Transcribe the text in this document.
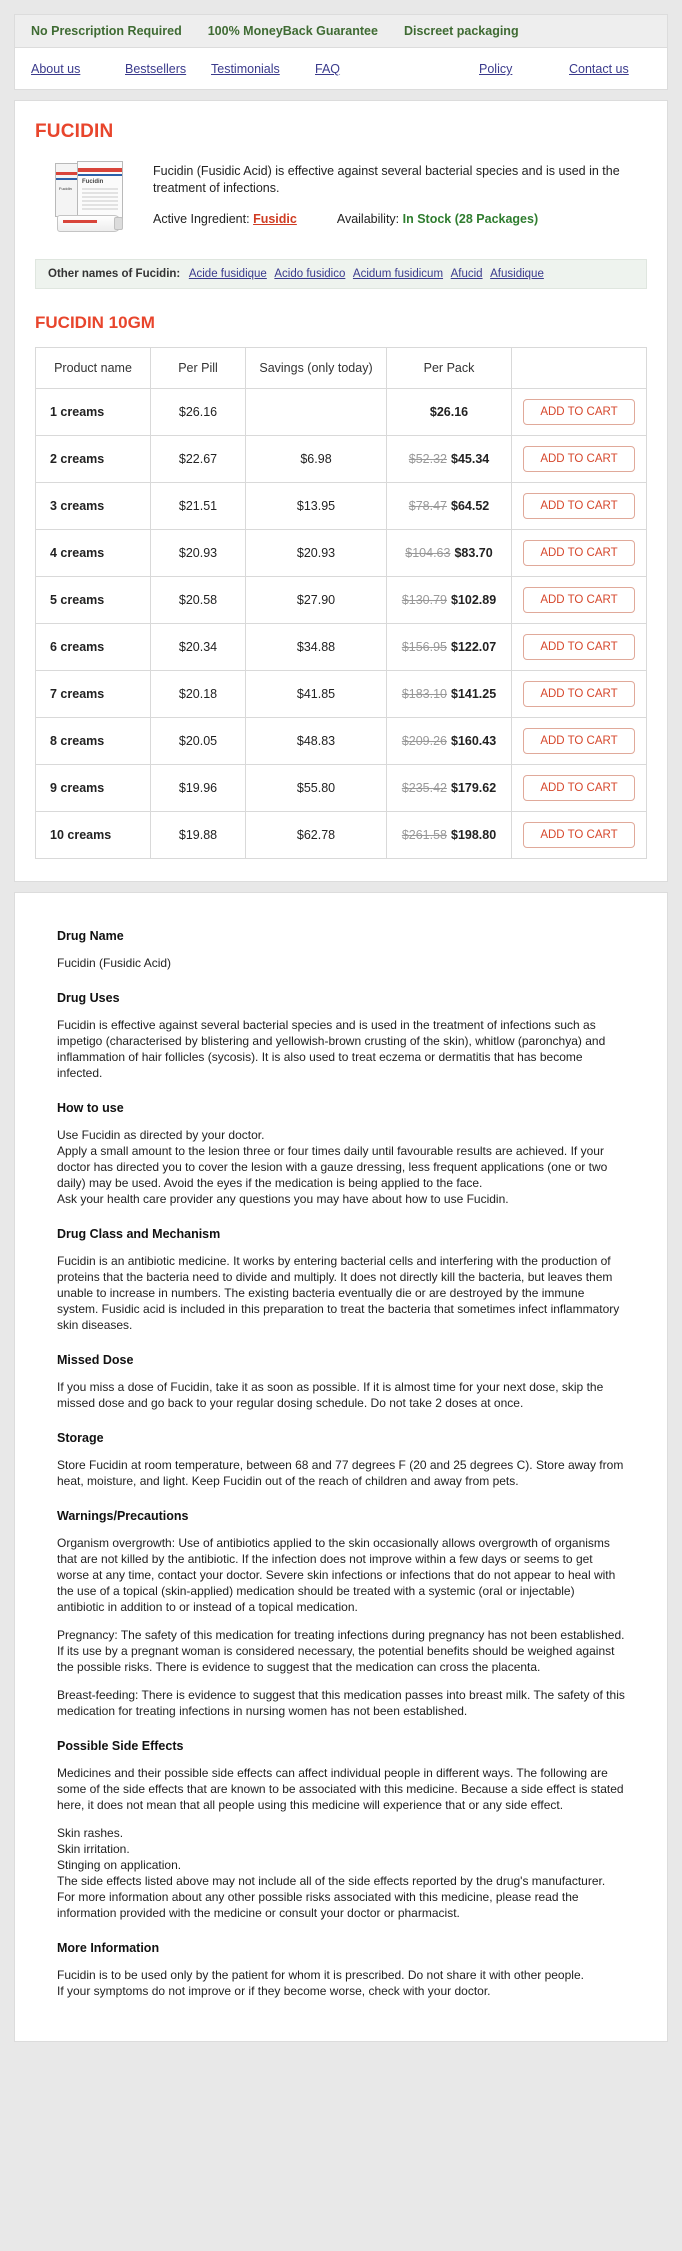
No Prescription Required 100% MoneyBack Guarantee Discreet packaging
About us	Bestsellers	Testimonials	FAQ	Policy	Contact us
FUCIDIN
Fucidin
Fucidin
Fucidin (Fusidic Acid) is effective against several bacterial species and is used in the treatment of infections.
Active Ingredient: Fusidic	Availability: In Stock (28 Packages)
Other names of Fucidin: Acide fusidique Acido fusidico Acidum fusidicum Afucid Afusidique
FUCIDIN 10GM
Product name	Per Pill	Savings (only today)	Per Pack	
1 creams	$26.16		$26.16	ADD TO CART
2 creams	$22.67	$6.98	$52.32 $45.34	ADD TO CART
3 creams	$21.51	$13.95	$78.47 $64.52	ADD TO CART
4 creams	$20.93	$20.93	$104.63 $83.70	ADD TO CART
5 creams	$20.58	$27.90	$130.79 $102.89	ADD TO CART
6 creams	$20.34	$34.88	$156.95 $122.07	ADD TO CART
7 creams	$20.18	$41.85	$183.10 $141.25	ADD TO CART
8 creams	$20.05	$48.83	$209.26 $160.43	ADD TO CART
9 creams	$19.96	$55.80	$235.42 $179.62	ADD TO CART
10 creams	$19.88	$62.78	$261.58 $198.80	ADD TO CART
Drug Name

Fucidin (Fusidic Acid)

Drug Uses

Fucidin is effective against several bacterial species and is used in the treatment of infections such as impetigo (characterised by blistering and yellowish-brown crusting of the skin), whitlow (paronchya) and inflammation of hair follicles (sycosis). It is also used to treat eczema or dermatitis that has become infected.

How to use

Use Fucidin as directed by your doctor.

Apply a small amount to the lesion three or four times daily until favourable results are achieved. If your doctor has directed you to cover the lesion with a gauze dressing, less frequent applications (one or two daily) may be used. Avoid the eyes if the medication is being applied to the face.

Ask your health care provider any questions you may have about how to use Fucidin.

Drug Class and Mechanism

Fucidin is an antibiotic medicine. It works by entering bacterial cells and interfering with the production of proteins that the bacteria need to divide and multiply. It does not directly kill the bacteria, but leaves them unable to increase in numbers. The existing bacteria eventually die or are destroyed by the immune system. Fusidic acid is included in this preparation to treat the bacteria that sometimes infect inflammatory skin diseases.

Missed Dose

If you miss a dose of Fucidin, take it as soon as possible. If it is almost time for your next dose, skip the missed dose and go back to your regular dosing schedule. Do not take 2 doses at once.

Storage

Store Fucidin at room temperature, between 68 and 77 degrees F (20 and 25 degrees C). Store away from heat, moisture, and light. Keep Fucidin out of the reach of children and away from pets.

Warnings/Precautions

Organism overgrowth: Use of antibiotics applied to the skin occasionally allows overgrowth of organisms that are not killed by the antibiotic. If the infection does not improve within a few days or seems to get worse at any time, contact your doctor. Severe skin infections or infections that do not appear to heal with the use of a topical (skin-applied) medication should be treated with a systemic (oral or injectable) antibiotic in addition to or instead of a topical medication.

Pregnancy: The safety of this medication for treating infections during pregnancy has not been established. If its use by a pregnant woman is considered necessary, the potential benefits should be weighed against the possible risks. There is evidence to suggest that the medication can cross the placenta.

Breast-feeding: There is evidence to suggest that this medication passes into breast milk. The safety of this medication for treating infections in nursing women has not been established.

Possible Side Effects

Medicines and their possible side effects can affect individual people in different ways. The following are some of the side effects that are known to be associated with this medicine. Because a side effect is stated here, it does not mean that all people using this medicine will experience that or any side effect.

Skin rashes.

Skin irritation.

Stinging on application.

The side effects listed above may not include all of the side effects reported by the drug's manufacturer. For more information about any other possible risks associated with this medicine, please read the information provided with the medicine or consult your doctor or pharmacist.

More Information

Fucidin is to be used only by the patient for whom it is prescribed. Do not share it with other people.

If your symptoms do not improve or if they become worse, check with your doctor.
